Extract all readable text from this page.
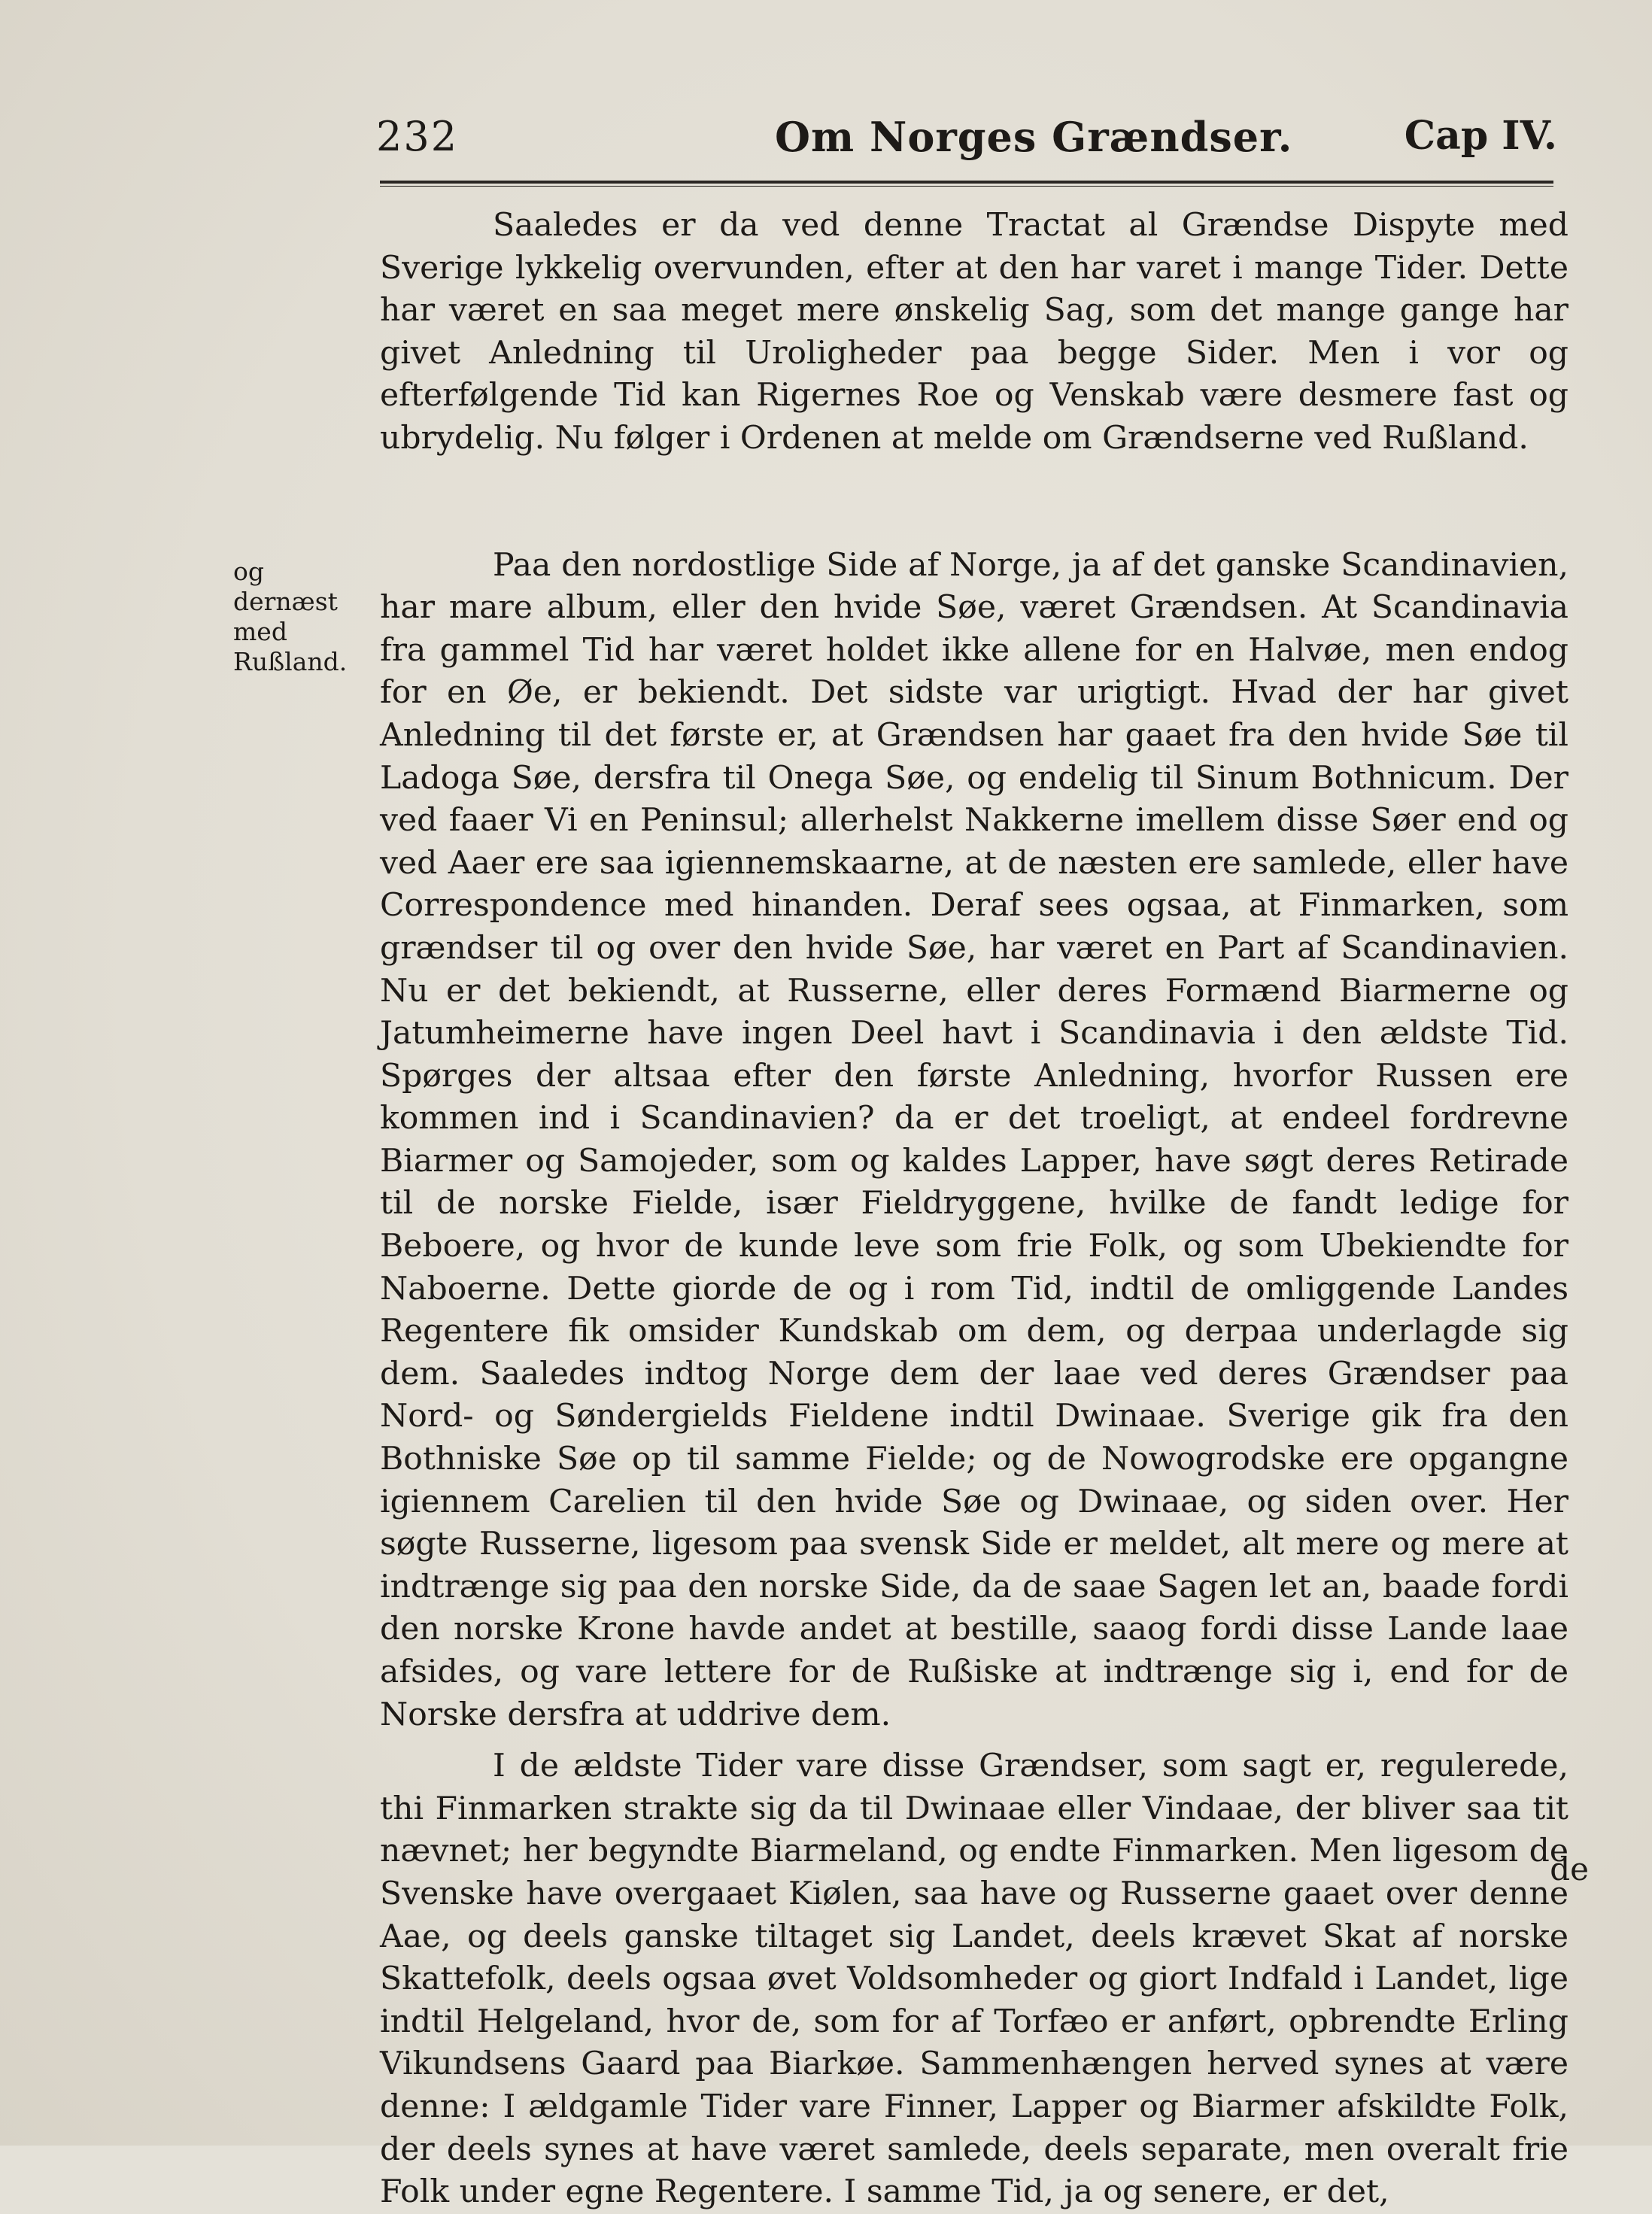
232	Om Norges Grændser.	Cap IV.
og dernæst med Rußland.

Saaledes er da ved denne Tractat al Grændse Dispyte med Sverige lykkelig overvunden, efter at den har varet i mange Tider. Dette har været en saa meget mere ønskelig Sag, som det mange gange har givet Anledning til Uroligheder paa begge Sider. Men i vor og efterfølgende Tid kan Rigernes Roe og Venskab være desmere fast og ubrydelig. Nu følger i Ordenen at melde om Grændserne ved Rußland.

Paa den nordostlige Side af Norge, ja af det ganske Scandinavien, har mare album, eller den hvide Søe, været Grændsen. At Scandinavia fra gammel Tid har været holdet ikke allene for en Halvøe, men endog for en Øe, er bekiendt. Det sidste var urigtigt. Hvad der har givet Anledning til det første er, at Grændsen har gaaet fra den hvide Søe til Ladoga Søe, dersfra til Onega Søe, og endelig til Sinum Bothnicum. Der ved faaer Vi en Peninsul; allerhelst Nakkerne imellem disse Søer end og ved Aaer ere saa igiennemskaarne, at de næsten ere samlede, eller have Correspondence med hinanden. Deraf sees ogsaa, at Finmarken, som grændser til og over den hvide Søe, har været en Part af Scandinavien. Nu er det bekiendt, at Russerne, eller deres Formænd Biarmerne og Jatumheimerne have ingen Deel havt i Scandinavia i den ældste Tid. Spørges der altsaa efter den første Anledning, hvorfor Russen ere kommen ind i Scandinavien? da er det troeligt, at endeel fordrevne Biarmer og Samojeder, som og kaldes Lapper, have søgt deres Retirade til de norske Fielde, især Fieldryggene, hvilke de fandt ledige for Beboere, og hvor de kunde leve som frie Folk, og som Ubekiendte for Naboerne. Dette giorde de og i rom Tid, indtil de omliggende Landes Regentere fik omsider Kundskab om dem, og derpaa underlagde sig dem. Saaledes indtog Norge dem der laae ved deres Grændser paa Nord- og Søndergields Fieldene indtil Dwinaae. Sverige gik fra den Bothniske Søe op til samme Fielde; og de Nowogrodske ere opgangne igiennem Carelien til den hvide Søe og Dwinaae, og siden over. Her søgte Russerne, ligesom paa svensk Side er meldet, alt mere og mere at indtrænge sig paa den norske Side, da de saae Sagen let an, baade fordi den norske Krone havde andet at bestille, saaog fordi disse Lande laae afsides, og vare lettere for de Rußiske at indtrænge sig i, end for de Norske dersfra at uddrive dem.

I de ældste Tider vare disse Grændser, som sagt er, regulerede, thi Finmarken strakte sig da til Dwinaae eller Vindaae, der bliver saa tit nævnet; her begyndte Biarmeland, og endte Finmarken. Men ligesom de Svenske have overgaaet Kiølen, saa have og Russerne gaaet over denne Aae, og deels ganske tiltaget sig Landet, deels krævet Skat af norske Skattefolk, deels ogsaa øvet Voldsomheder og giort Indfald i Landet, lige indtil Helgeland, hvor de, som for af Torfæo er anført, opbrendte Erling Vikundsens Gaard paa Biarkøe. Sammenhængen herved synes at være denne: I ældgamle Tider vare Finner, Lapper og Biarmer afskildte Folk, der deels synes at have været samlede, deels separate, men overalt frie Folk under egne Regentere. I samme Tid, ja og senere, er det,

de
